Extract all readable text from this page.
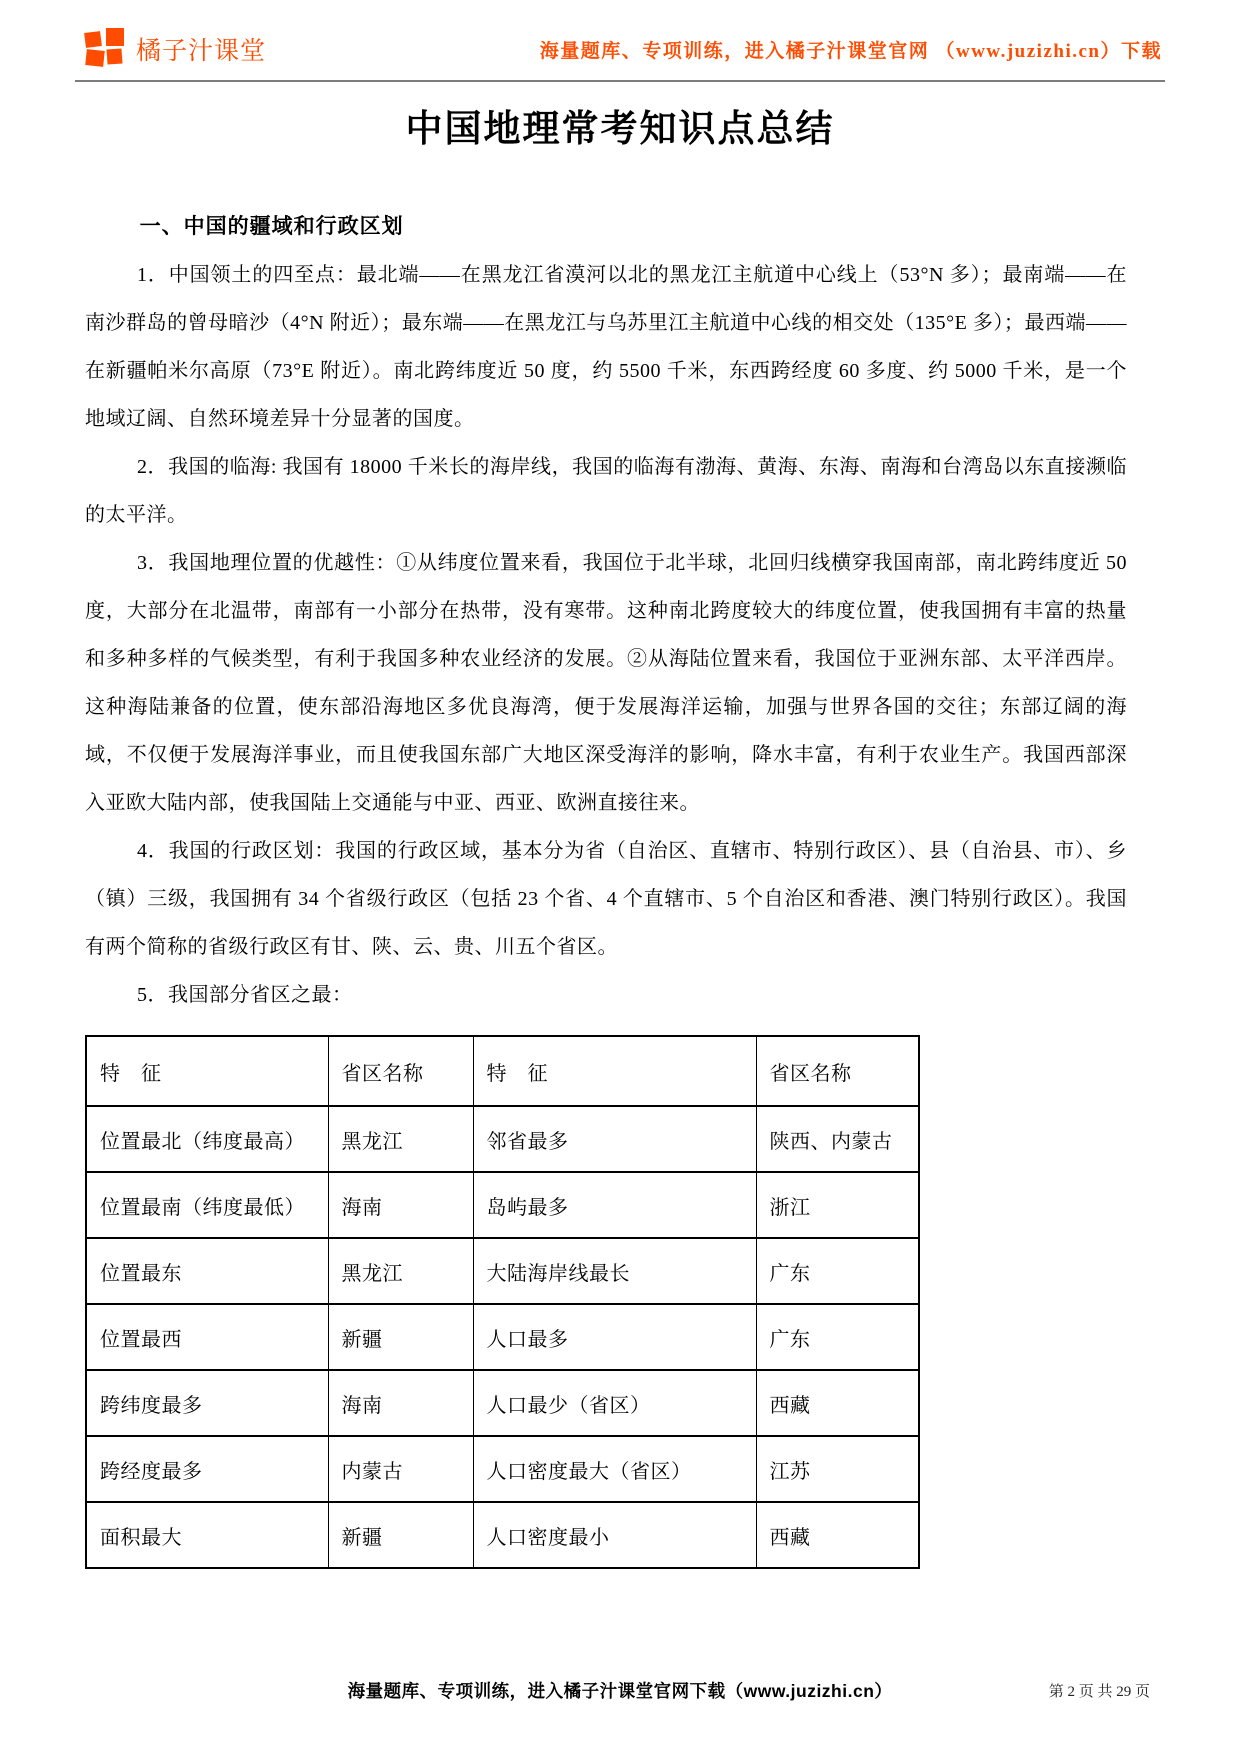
橘子汁课堂	海量题库、专项训练，进入橘子汁课堂官网 （www.juzizhi.cn）下载
中国地理常考知识点总结
一、中国的疆域和行政区划

1．中国领土的四至点：最北端——在黑龙江省漠河以北的黑龙江主航道中心线上（53°N 多）；最南端——在南沙群岛的曾母暗沙（4°N 附近）；最东端——在黑龙江与乌苏里江主航道中心线的相交处（135°E 多）；最西端——在新疆帕米尔高原（73°E 附近）。南北跨纬度近 50 度，约 5500 千米，东西跨经度 60 多度、约 5000 千米，是一个地域辽阔、自然环境差异十分显著的国度。

2．我国的临海: 我国有 18000 千米长的海岸线，我国的临海有渤海、黄海、东海、南海和台湾岛以东直接濒临的太平洋。

3．我国地理位置的优越性：①从纬度位置来看，我国位于北半球，北回归线横穿我国南部，南北跨纬度近 50 度，大部分在北温带，南部有一小部分在热带，没有寒带。这种南北跨度较大的纬度位置，使我国拥有丰富的热量和多种多样的气候类型，有利于我国多种农业经济的发展。②从海陆位置来看，我国位于亚洲东部、太平洋西岸。这种海陆兼备的位置，使东部沿海地区多优良海湾，便于发展海洋运输，加强与世界各国的交往；东部辽阔的海域，不仅便于发展海洋事业，而且使我国东部广大地区深受海洋的影响，降水丰富，有利于农业生产。我国西部深入亚欧大陆内部，使我国陆上交通能与中亚、西亚、欧洲直接往来。

4．我国的行政区划：我国的行政区域，基本分为省（自治区、直辖市、特别行政区）、县（自治县、市）、乡（镇）三级，我国拥有 34 个省级行政区（包括 23 个省、4 个直辖市、5 个自治区和香港、澳门特别行政区）。我国有两个简称的省级行政区有甘、陕、云、贵、川五个省区。

5．我国部分省区之最：

特　征	省区名称	特　征	省区名称
位置最北（纬度最高）	黑龙江	邻省最多	陕西、内蒙古
位置最南（纬度最低）	海南	岛屿最多	浙江
位置最东	黑龙江	大陆海岸线最长	广东
位置最西	新疆	人口最多	广东
跨纬度最多	海南	人口最少（省区）	西藏
跨经度最多	内蒙古	人口密度最大（省区）	江苏
面积最大	新疆	人口密度最小	西藏
海量题库、专项训练，进入橘子汁课堂官网下载（www.juzizhi.cn）	第 2 页 共 29 页
